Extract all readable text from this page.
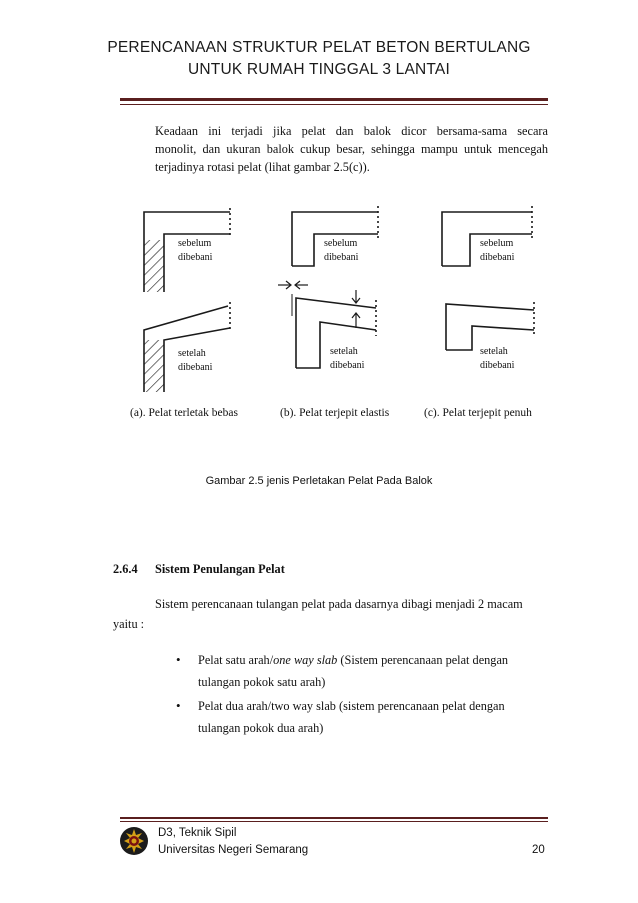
PERENCANAAN STRUKTUR PELAT BETON BERTULANG
UNTUK RUMAH TINGGAL 3 LANTAI
Keadaan ini terjadi jika pelat dan balok dicor bersama-sama secara
monolit, dan ukuran balok cukup besar, sehingga mampu untuk mencegah
terjadinya rotasi pelat (lihat gambar 2.5(c)).
sebelum
dibebani
setelah
dibebani
sebelum
dibebani
setelah
dibebani
sebelum
dibebani
setelah
dibebani
(a). Pelat terletak bebas	(b). Pelat terjepit elastis	(c). Pelat terjepit penuh
Gambar 2.5 jenis Perletakan Pelat Pada Balok
2.6.4 Sistem Penulangan Pelat
Sistem perencanaan tulangan pelat pada dasarnya dibagi menjadi 2 macam
yaitu :
• Pelat satu arah/one way slab (Sistem perencanaan pelat dengan
tulangan pokok satu arah)
• Pelat dua arah/two way slab (sistem perencanaan pelat dengan
tulangan pokok dua arah)
D3, Teknik Sipil
Universitas Negeri Semarang	20
